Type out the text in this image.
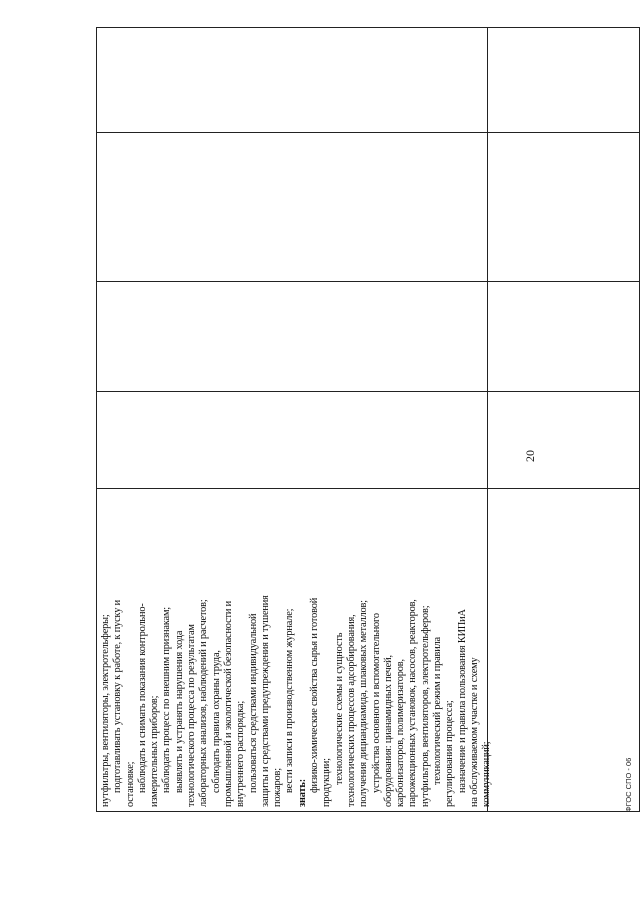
нутфильтры, вентиляторы, электротельферы; подготавливать установку к работе, к пуску и остановке; наблюдать и снимать показания контрольно- измерительных приборов; наблюдать процесс по внешним признакам; выявлять и устранять нарушения хода технологического процесса по результатам лабораторных анализов, наблюдений и расчетов; соблюдать правила охраны труда, промышленной и экологической безопасности и внутреннего распорядка; пользоваться средствами индивидуальной защиты и средствами предупреждения и тушения пожаров; вести записи в производственном журнале; знать: физико-химические свойства сырья и готовой продукции; технологические схемы и сущность технологических процессов адсорбирования, получения дициандиамида, шлаковых металлов; устройства основного и вспомогательного оборудования: цианамидных печей, карбонизаторов, полимеризаторов, парожекционных установок, насосов, реакторов, нутфильтров, вентиляторов, электротельферов; технологический режим и правила регулирования процесса; назначение и правила пользования КИПиА на обслуживаемом участке и схему коммуникаций;

20
ФГОС СПО - 06
